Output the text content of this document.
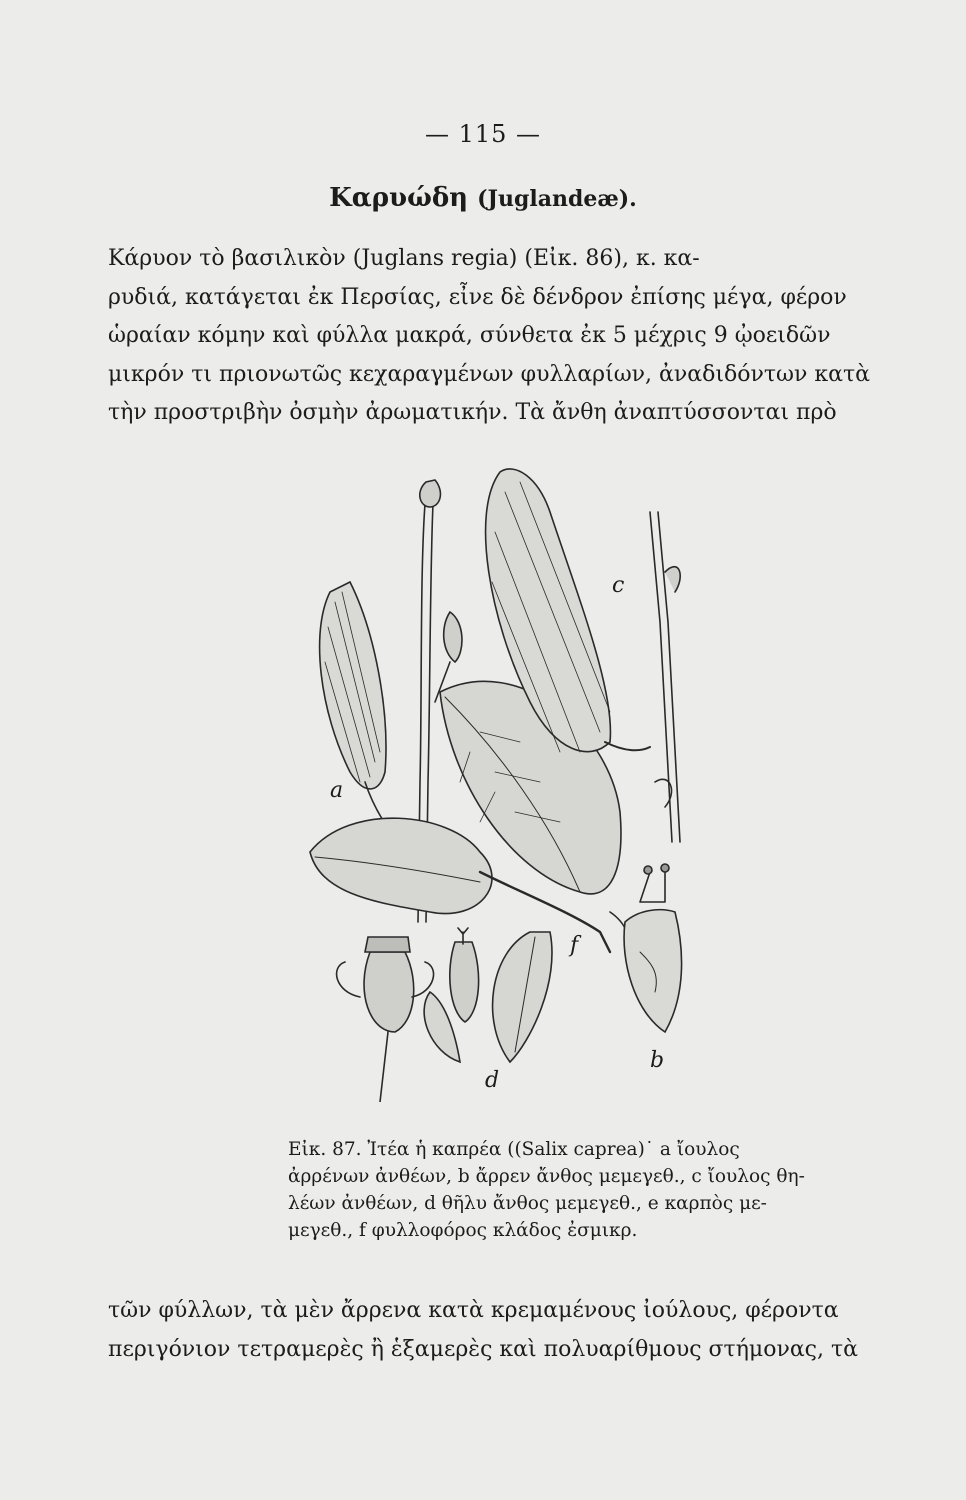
— 115 —
Καρυώδη (Juglandeæ).
Κάρυον τὸ βασιλικὸν (Juglans regia) (Εἰκ. 86), κ. κα-
ρυδιά, κατάγεται ἐκ Περσίας, εἶνε δὲ δένδρον ἐπίσης μέγα, φέρον
ὡραίαν κόμην καὶ φύλλα μακρά, σύνθετα ἐκ 5 μέχρις 9 ᾠοειδῶν
μικρόν τι πριονωτῶς κεχαραγμένων φυλλαρίων, ἀναδιδόντων κατὰ
τὴν προστριβὴν ὀσμὴν ἀρωματικήν. Τὰ ἄνθη ἀναπτύσσονται πρὸ
a
b
c
d
f
Εἰκ. 87. Ἰτέα ἡ καπρέα ((Salix caprea)˙ a ἴουλος
ἀρρένων ἀνθέων, b ἄρρεν ἄνθος μεμεγεθ., c ἴουλος θη-
λέων ἀνθέων, d θῆλυ ἄνθος μεμεγεθ., e καρπὸς με-
μεγεθ., f φυλλοφόρος κλάδος ἐσμικρ.
τῶν φύλλων, τὰ μὲν ἄρρενα κατὰ κρεμαμένους ἰούλους, φέροντα
περιγόνιον τετραμερὲς ἢ ἑξαμερὲς καὶ πολυαρίθμους στήμονας, τὰ
